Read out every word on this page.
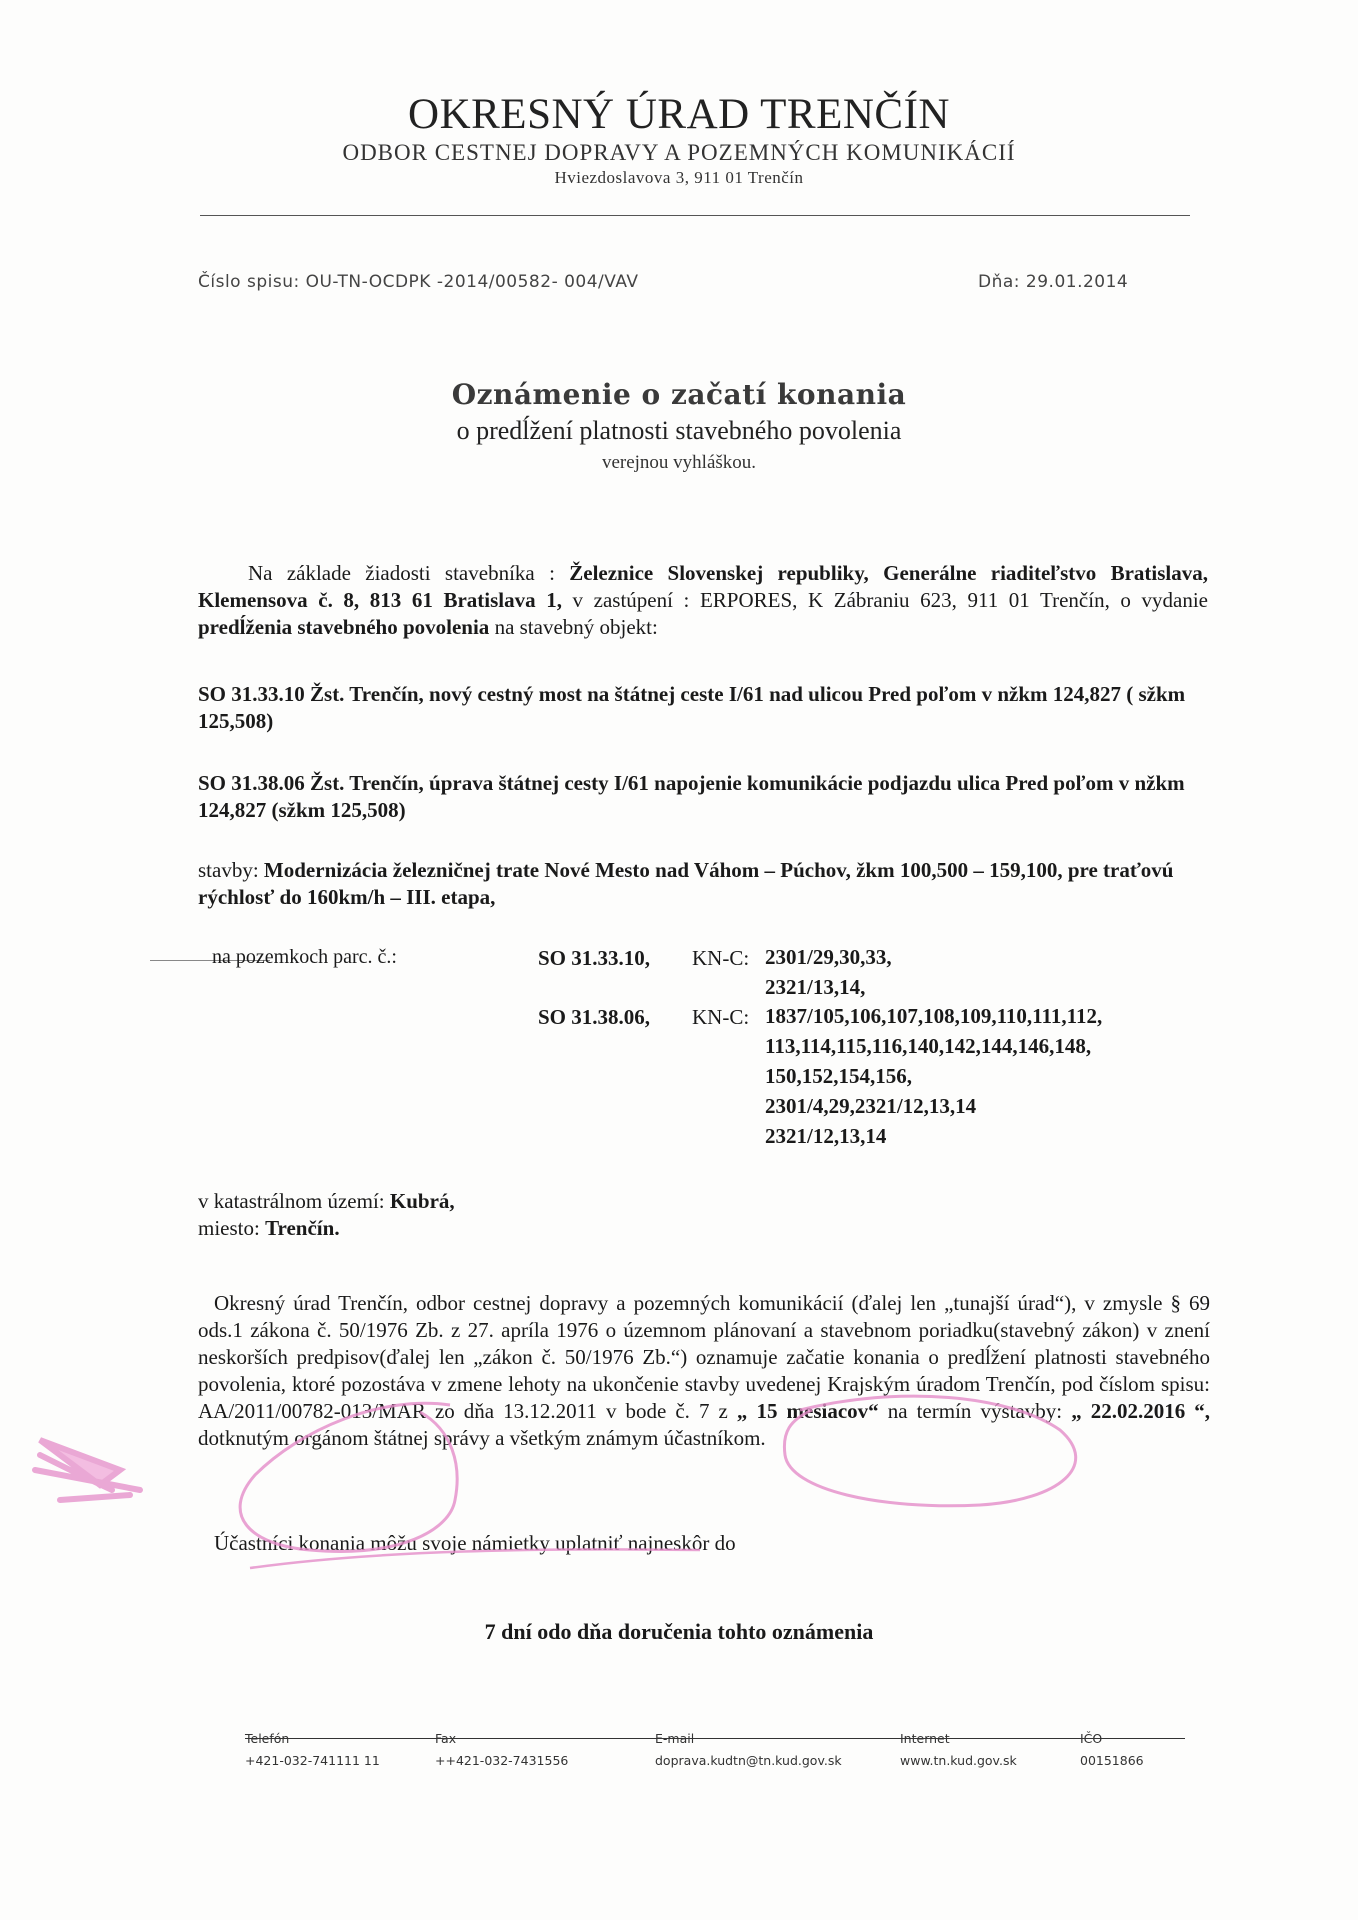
OKRESNÝ ÚRAD TRENČÍN
ODBOR CESTNEJ DOPRAVY A POZEMNÝCH KOMUNIKÁCIÍ
Hviezdoslavova 3, 911 01 Trenčín
Číslo spisu: OU-TN-OCDPK -2014/00582- 004/VAV	Dňa: 29.01.2014
Oznámenie o začatí konania
o predĺžení platnosti stavebného povolenia
verejnou vyhláškou.
Na základe žiadosti stavebníka : Železnice Slovenskej republiky, Generálne riaditeľstvo Bratislava, Klemensova č. 8, 813 61 Bratislava 1, v zastúpení : ERPORES, K Zábraniu 623, 911 01 Trenčín, o vydanie predĺženia stavebného povolenia na stavebný objekt:
SO 31.33.10 Žst. Trenčín, nový cestný most na štátnej ceste I/61 nad ulicou Pred poľom v nžkm 124,827 ( sžkm 125,508)
SO 31.38.06 Žst. Trenčín, úprava štátnej cesty I/61 napojenie komunikácie podjazdu ulica Pred poľom v nžkm 124,827 (sžkm 125,508)
stavby: Modernizácia železničnej trate Nové Mesto nad Váhom – Púchov, žkm 100,500 – 159,100, pre traťovú rýchlosť do 160km/h – III. etapa,
na pozemkoch parc. č.:	SO 31.33.10, KN-C: 2301/29,30,33,
2321/13,14,
SO 31.38.06, KN-C: 1837/105,106,107,108,109,110,111,112,
113,114,115,116,140,142,144,146,148,
150,152,154,156,
2301/4,29,2321/12,13,14
2321/12,13,14
v katastrálnom území: Kubrá,
miesto: Trenčín.
Okresný úrad Trenčín, odbor cestnej dopravy a pozemných komunikácií (ďalej len „tunajší úrad“), v zmysle § 69 ods.1 zákona č. 50/1976 Zb. z 27. apríla 1976 o územnom plánovaní a stavebnom poriadku(stavebný zákon) v znení neskorších predpisov(ďalej len „zákon č. 50/1976 Zb.“) oznamuje začatie konania o predĺžení platnosti stavebného povolenia, ktoré pozostáva v zmene lehoty na ukončenie stavby uvedenej Krajským úradom Trenčín, pod číslom spisu: AA/2011/00782-013/MAR zo dňa 13.12.2011 v bode č. 7 z „ 15 mesiacov“ na termín výstavby: „ 22.02.2016 “, dotknutým orgánom štátnej správy a všetkým známym účastníkom.
Účastníci konania môžu svoje námietky uplatniť najneskôr do
7 dní odo dňa doručenia tohto oznámenia
Telefón
+421-032-741111 11
Fax
++421-032-7431556
E-mail
doprava.kudtn@tn.kud.gov.sk
Internet
www.tn.kud.gov.sk
IČO
00151866
